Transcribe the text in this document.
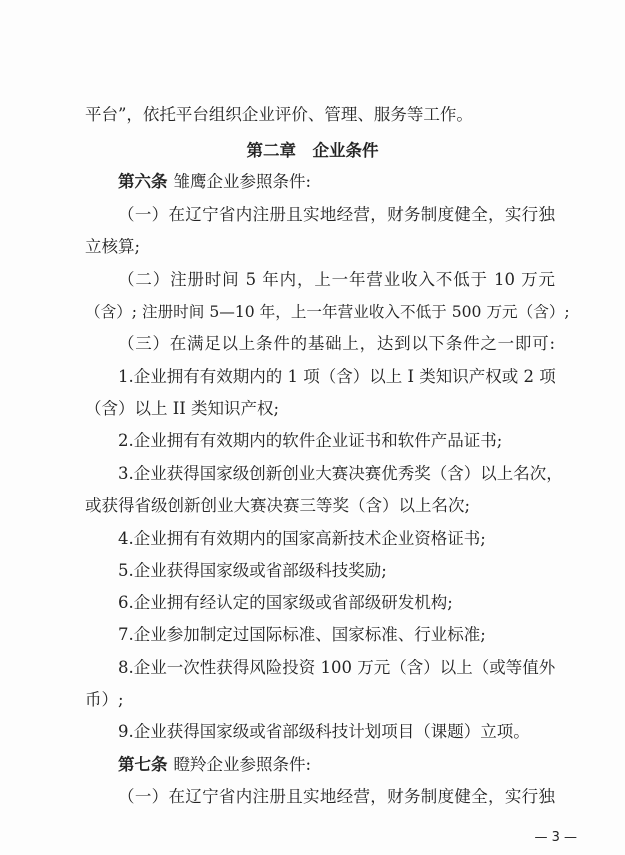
平台”，依托平台组织企业评价、管理、服务等工作。
第二章　企业条件
第六条 雏鹰企业参照条件:
（一）在辽宁省内注册且实地经营，财务制度健全，实行独
立核算;
（二）注册时间 5 年内，上一年营业收入不低于 10 万元
（含）; 注册时间 5—10 年，上一年营业收入不低于 500 万元（含）;
（三）在满足以上条件的基础上，达到以下条件之一即可:
1.企业拥有有效期内的 1 项（含）以上 I 类知识产权或 2 项
（含）以上 II 类知识产权;
2.企业拥有有效期内的软件企业证书和软件产品证书;
3.企业获得国家级创新创业大赛决赛优秀奖（含）以上名次，
或获得省级创新创业大赛决赛三等奖（含）以上名次;
4.企业拥有有效期内的国家高新技术企业资格证书;
5.企业获得国家级或省部级科技奖励;
6.企业拥有经认定的国家级或省部级研发机构;
7.企业参加制定过国际标准、国家标准、行业标准;
8.企业一次性获得风险投资 100 万元（含）以上（或等值外
币）;
9.企业获得国家级或省部级科技计划项目（课题）立项。
第七条 瞪羚企业参照条件:
（一）在辽宁省内注册且实地经营，财务制度健全，实行独
— 3 —
